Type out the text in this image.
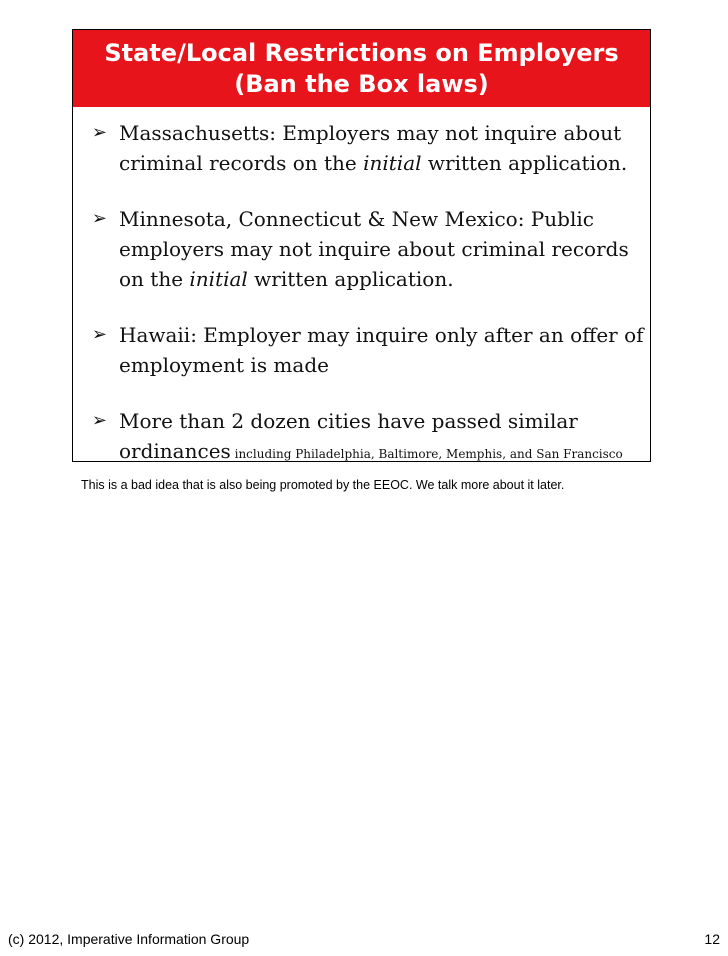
State/Local Restrictions on Employers
(Ban the Box laws)

➢ Massachusetts: Employers may not inquire about criminal records on the initial written application.
➢ Minnesota, Connecticut & New Mexico: Public employers may not inquire about criminal records on the initial written application.
➢ Hawaii: Employer may inquire only after an offer of employment is made
➢ More than 2 dozen cities have passed similar ordinances including Philadelphia, Baltimore, Memphis, and San Francisco

This is a bad idea that is also being promoted by the EEOC. We talk more about it later.

(c) 2012, Imperative Information Group	12
